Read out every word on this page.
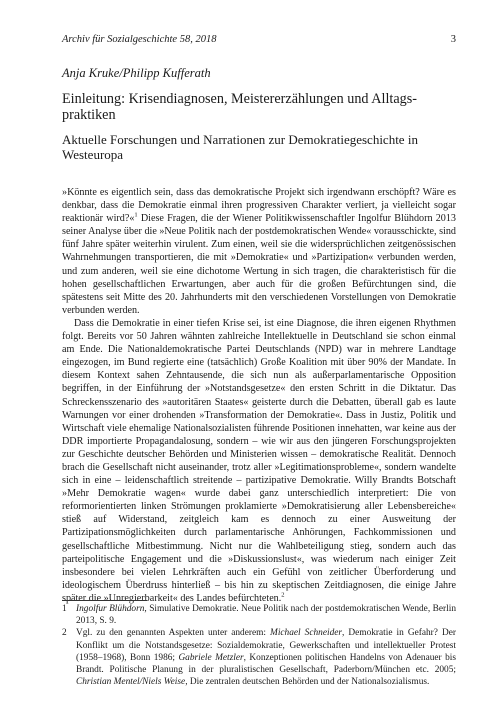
Archiv für Sozialgeschichte 58, 2018	3
Anja Kruke/Philipp Kufferath
Einleitung: Krisendiagnosen, Meistererzählungen und Alltags-praktiken
Aktuelle Forschungen und Narrationen zur Demokratiegeschichte in Westeuropa

»Könnte es eigentlich sein, dass das demokratische Projekt sich irgendwann erschöpft? Wäre es denkbar, dass die Demokratie einmal ihren progressiven Charakter verliert, ja vielleicht sogar reaktionär wird?«$^1$ Diese Fragen, die der Wiener Politikwissenschaftler Ingolfur Blühdorn 2013 seiner Analyse über die »Neue Politik nach der postdemokratischen Wende« vorausschickte, sind fünf Jahre später weiterhin virulent. Zum einen, weil sie die widersprüchlichen zeitgenössischen Wahrnehmungen transportieren, die mit »Demokratie« und »Partizipation« verbunden werden, und zum anderen, weil sie eine dichotome Wertung in sich tragen, die charakteristisch für die hohen gesellschaftlichen Erwartungen, aber auch für die großen Befürchtungen sind, die spätestens seit Mitte des 20. Jahrhunderts mit den verschiedenen Vorstellungen von Demokratie verbunden werden.

Dass die Demokratie in einer tiefen Krise sei, ist eine Diagnose, die ihren eigenen Rhythmen folgt. Bereits vor 50 Jahren wähnten zahlreiche Intellektuelle in Deutschland sie schon einmal am Ende. Die Nationaldemokratische Partei Deutschlands (NPD) war in mehrere Landtage eingezogen, im Bund regierte eine (tatsächlich) Große Koalition mit über 90% der Mandate. In diesem Kontext sahen Zehntausende, die sich nun als außerparlamentarische Opposition begriffen, in der Einführung der »Notstandsgesetze« den ersten Schritt in die Diktatur. Das Schreckensszenario des »autoritären Staates« geisterte durch die Debatten, überall gab es laute Warnungen vor einer drohenden »Transformation der Demokratie«. Dass in Justiz, Politik und Wirtschaft viele ehemalige Nationalsozialisten führende Positionen innehatten, war keine aus der DDR importierte Propagandalosung, sondern – wie wir aus den jüngeren Forschungsprojekten zur Geschichte deutscher Behörden und Ministerien wissen – demokratische Realität. Dennoch brach die Gesellschaft nicht auseinander, trotz aller »Legitimationsprobleme«, sondern wandelte sich in eine – leidenschaftlich streitende – partizipative Demokratie. Willy Brandts Botschaft »Mehr Demokratie wagen« wurde dabei ganz unterschiedlich interpretiert: Die von reformorientierten linken Strömungen proklamierte »Demokratisierung aller Lebensbereiche« stieß auf Widerstand, zeitgleich kam es dennoch zu einer Ausweitung der Partizipationsmöglichkeiten durch parlamentarische Anhörungen, Fachkommissionen und gesellschaftliche Mitbestimmung. Nicht nur die Wahlbeteiligung stieg, sondern auch das parteipolitische Engagement und die »Diskussionslust«, was wiederum nach einiger Zeit insbesondere bei vielen Lehrkräften auch ein Gefühl von zeitlicher Überforderung und ideologischem Überdruss hinterließ – bis hin zu skeptischen Zeitdiagnosen, die einige Jahre später die »Unregierbarkeit« des Landes befürchteten.$^2$

1 Ingolfur Blühdorn, Simulative Demokratie. Neue Politik nach der postdemokratischen Wende, Berlin 2013, S. 9.

2 Vgl. zu den genannten Aspekten unter anderem: Michael Schneider, Demokratie in Gefahr? Der Konflikt um die Notstandsgesetze: Sozialdemokratie, Gewerkschaften und intellektueller Protest (1958–1968), Bonn 1986; Gabriele Metzler, Konzeptionen politischen Handelns von Adenauer bis Brandt. Politische Planung in der pluralistischen Gesellschaft, Paderborn/München etc. 2005; Christian Mentel/Niels Weise, Die zentralen deutschen Behörden und der Nationalsozialismus.
